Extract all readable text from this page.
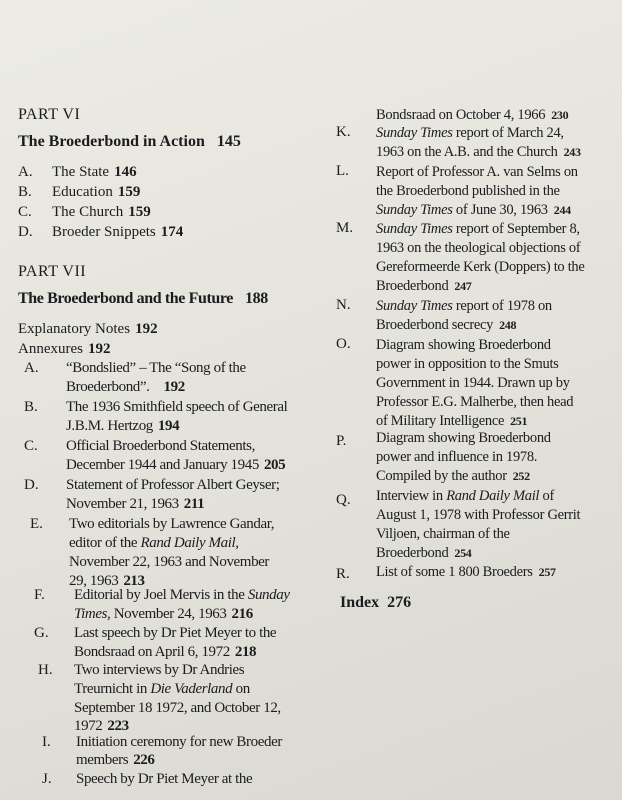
PART VI
The Broederbond in Action 145
A. The State 146
B. Education 159
C. The Church 159
D. Broeder Snippets 174
PART VII
The Broederbond and the Future 188
Explanatory Notes 192
Annexures 192
A. “Bondslied” – The “Song of the
Broederbond”. 192
B. The 1936 Smithfield speech of General
J.B.M. Hertzog 194
C. Official Broederbond Statements,
December 1944 and January 1945 205
D. Statement of Professor Albert Geyser;
November 21, 1963 211
E. Two editorials by Lawrence Gandar,
editor of the Rand Daily Mail,
November 22, 1963 and November
29, 1963 213
F. Editorial by Joel Mervis in the Sunday
Times, November 24, 1963 216
G. Last speech by Dr Piet Meyer to the
Bondsraad on April 6, 1972 218
H. Two interviews by Dr Andries
Treurnicht in Die Vaderland on
September 18 1972, and October 12,
1972 223
I. Initiation ceremony for new Broeder
members 226
J. Speech by Dr Piet Meyer at the
Bondsraad on October 4, 1966 230
K.	Sunday Times report of March 24,
1963 on the A.B. and the Church 243
L.	Report of Professor A. van Selms on
the Broederbond published in the
Sunday Times of June 30, 1963 244
M.	Sunday Times report of September 8,
1963 on the theological objections of
Gereformeerde Kerk (Doppers) to the
Broederbond 247
N.	Sunday Times report of 1978 on
Broederbond secrecy 248
O.	Diagram showing Broederbond
power in opposition to the Smuts
Government in 1944. Drawn up by
Professor E.G. Malherbe, then head
of Military Intelligence 251
P.	Diagram showing Broederbond
power and influence in 1978.
Compiled by the author 252
Q.	Interview in Rand Daily Mail of
August 1, 1978 with Professor Gerrit
Viljoen, chairman of the
Broederbond 254
R.	List of some 1 800 Broeders 257
Index 276
